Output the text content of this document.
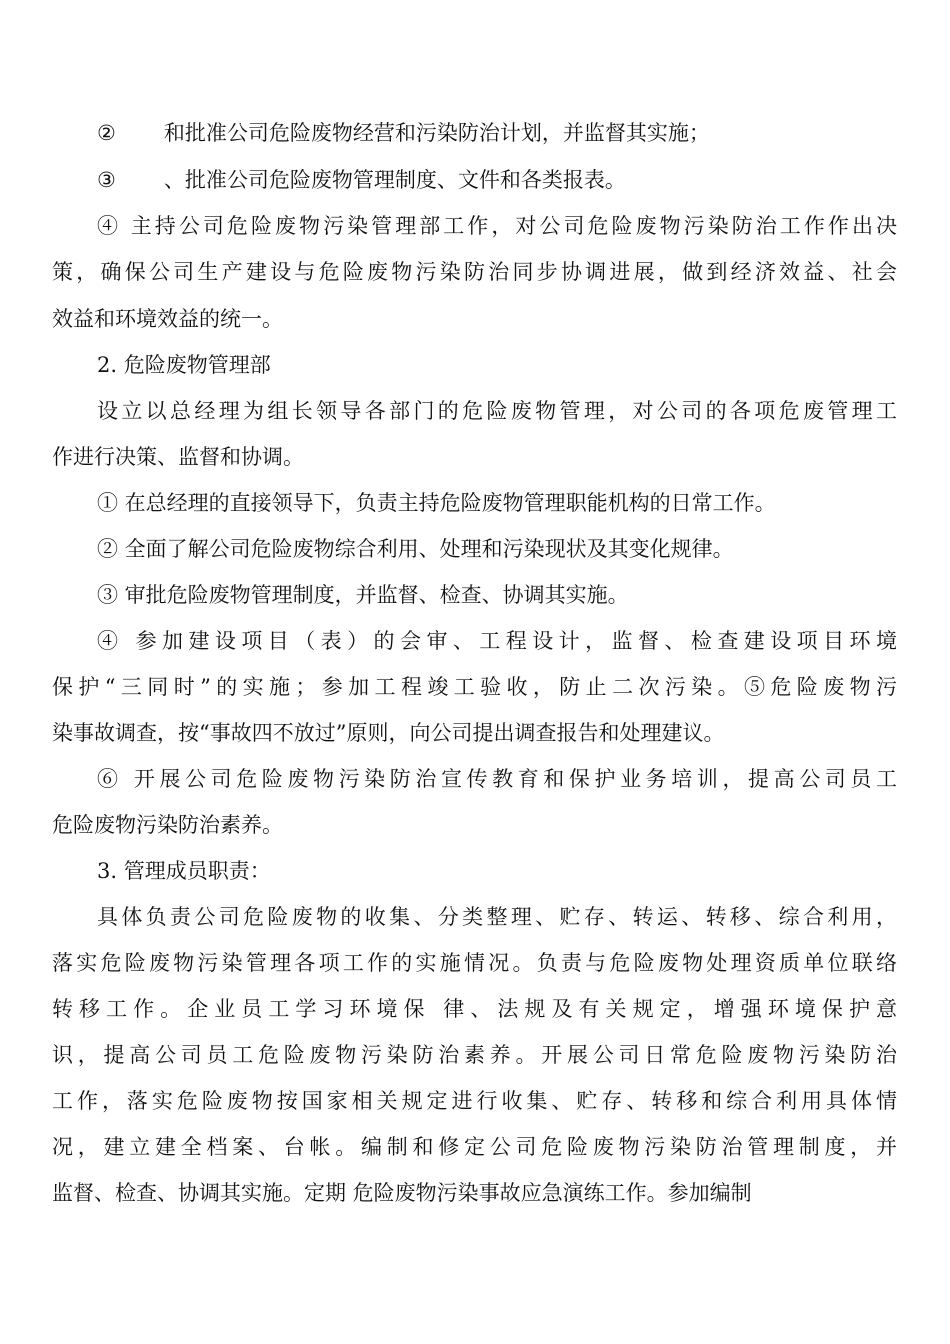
② 和批准公司危险废物经营和污染防治计划，并监督其实施；

③ 、批准公司危险废物管理制度、文件和各类报表。

④ 主持公司危险废物污染管理部工作，对公司危险废物污染防治工作作出决

策，确保公司生产建设与危险废物污染防治同步协调进展，做到经济效益、社会

效益和环境效益的统一。

2. 危险废物管理部

设立以总经理为组长领导各部门的危险废物管理，对公司的各项危废管理工

作进行决策、监督和协调。

① 在总经理的直接领导下，负责主持危险废物管理职能机构的日常工作。

② 全面了解公司危险废物综合利用、处理和污染现状及其变化规律。

③ 审批危险废物管理制度，并监督、检查、协调其实施。

④ 参加建设项目（表）的会审、工程设计，监督、检查建设项目环境

保护“三同时”的实施；参加工程竣工验收，防止二次污染。⑤危险废物污

染事故调查，按“事故四不放过”原则，向公司提出调查报告和处理建议。

⑥ 开展公司危险废物污染防治宣传教育和保护业务培训，提高公司员工

危险废物污染防治素养。

3. 管理成员职责：

具体负责公司危险废物的收集、分类整理、贮存、转运、转移、综合利用，

落实危险废物污染管理各项工作的实施情况。负责与危险废物处理资质单位联络

转移工作。企业员工学习环境保 律、法规及有关规定，增强环境保护意

识，提高公司员工危险废物污染防治素养。开展公司日常危险废物污染防治

工作，落实危险废物按国家相关规定进行收集、贮存、转移和综合利用具体情

况，建立建全档案、台帐。编制和修定公司危险废物污染防治管理制度，并

监督、检查、协调其实施。定期 危险废物污染事故应急演练工作。参加编制
